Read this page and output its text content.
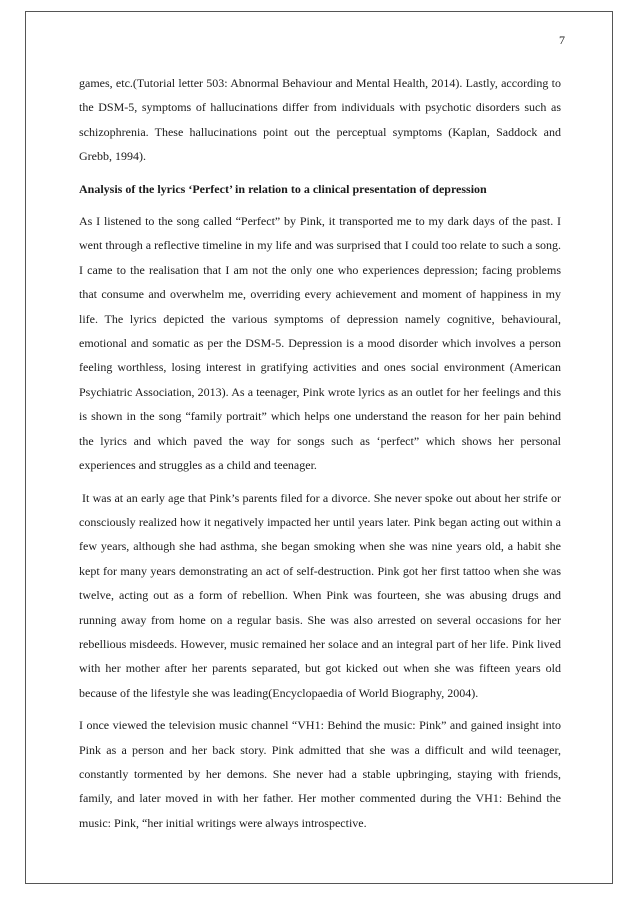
7

games, etc.(Tutorial letter 503: Abnormal Behaviour and Mental Health, 2014). Lastly, according to the DSM-5, symptoms of hallucinations differ from individuals with psychotic disorders such as schizophrenia. These hallucinations point out the perceptual symptoms (Kaplan, Saddock and Grebb, 1994).

Analysis of the lyrics ‘Perfect’ in relation to a clinical presentation of depression

As I listened to the song called “Perfect” by Pink, it transported me to my dark days of the past. I went through a reflective timeline in my life and was surprised that I could too relate to such a song. I came to the realisation that I am not the only one who experiences depression; facing problems that consume and overwhelm me, overriding every achievement and moment of happiness in my life. The lyrics depicted the various symptoms of depression namely cognitive, behavioural, emotional and somatic as per the DSM-5. Depression is a mood disorder which involves a person feeling worthless, losing interest in gratifying activities and ones social environment (American Psychiatric Association, 2013). As a teenager, Pink wrote lyrics as an outlet for her feelings and this is shown in the song “family portrait” which helps one understand the reason for her pain behind the lyrics and which paved the way for songs such as ‘perfect” which shows her personal experiences and struggles as a child and teenager.

It was at an early age that Pink’s parents filed for a divorce. She never spoke out about her strife or consciously realized how it negatively impacted her until years later. Pink began acting out within a few years, although she had asthma, she began smoking when she was nine years old, a habit she kept for many years demonstrating an act of self-destruction. Pink got her first tattoo when she was twelve, acting out as a form of rebellion. When Pink was fourteen, she was abusing drugs and running away from home on a regular basis. She was also arrested on several occasions for her rebellious misdeeds. However, music remained her solace and an integral part of her life. Pink lived with her mother after her parents separated, but got kicked out when she was fifteen years old because of the lifestyle she was leading(Encyclopaedia of World Biography, 2004).

I once viewed the television music channel “VH1: Behind the music: Pink” and gained insight into Pink as a person and her back story. Pink admitted that she was a difficult and wild teenager, constantly tormented by her demons. She never had a stable upbringing, staying with friends, family, and later moved in with her father. Her mother commented during the VH1: Behind the music: Pink, “her initial writings were always introspective.
